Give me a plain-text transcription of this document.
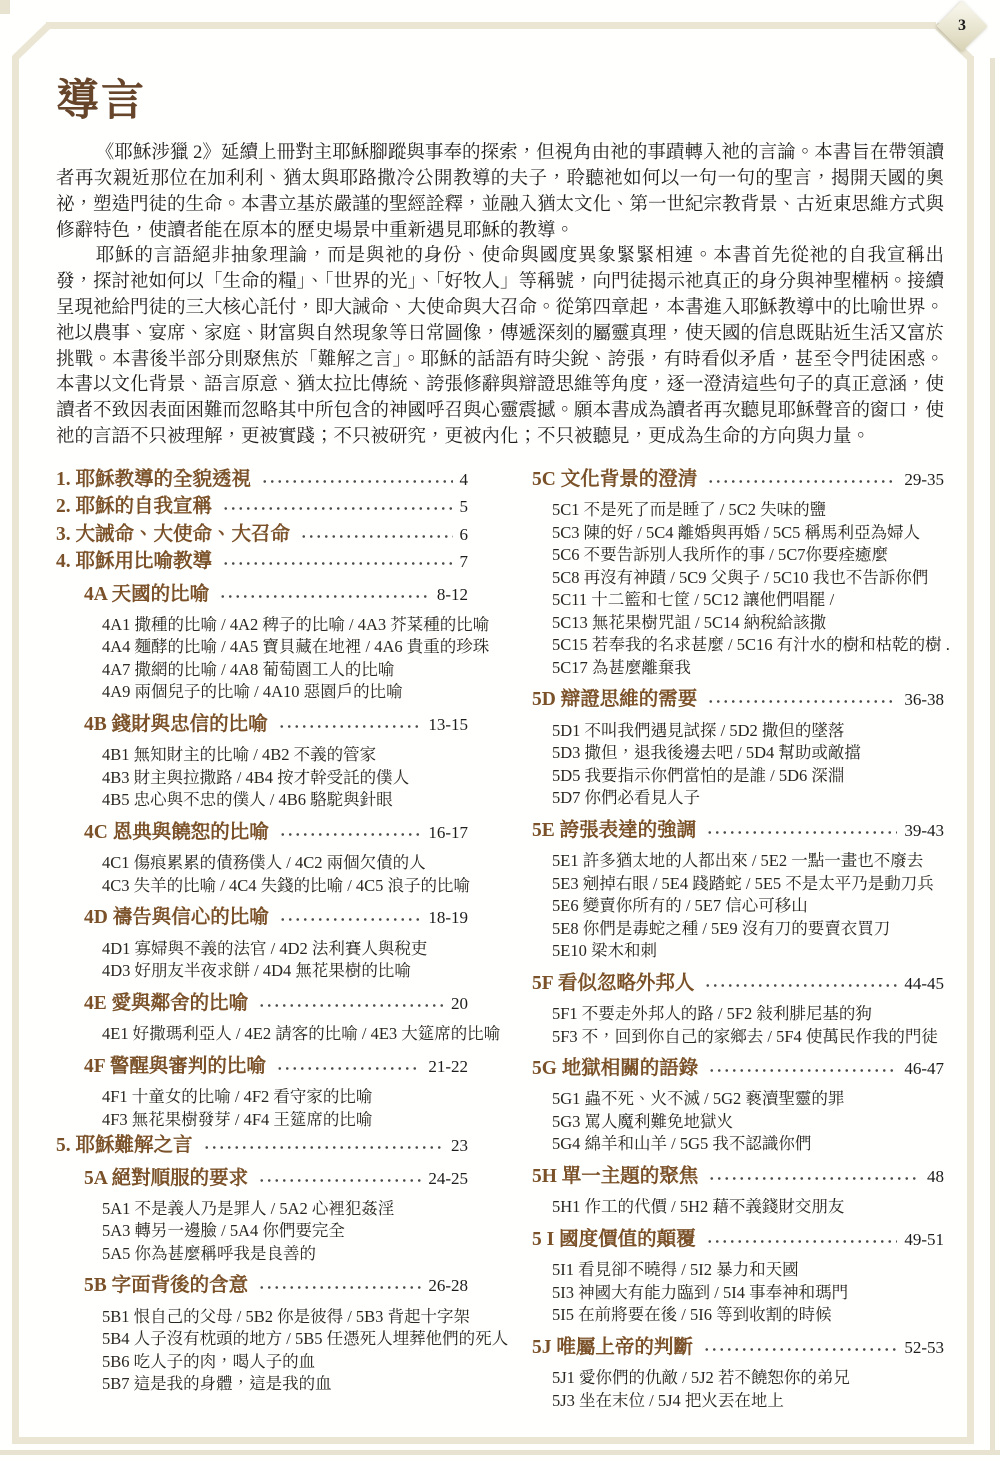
3
導言

《耶穌涉獵 2》延續上冊對主耶穌腳蹤與事奉的探索，但視角由祂的事蹟轉入祂的言論。本書旨在帶領讀者再次親近那位在加利利、猶太與耶路撒冷公開教導的夫子，聆聽祂如何以一句一句的聖言，揭開天國的奧祕，塑造門徒的生命。本書立基於嚴謹的聖經詮釋，並融入猶太文化、第一世紀宗教背景、古近東思維方式與修辭特色，使讀者能在原本的歷史場景中重新遇見耶穌的教導。

耶穌的言語絕非抽象理論，而是與祂的身份、使命與國度異象緊緊相連。本書首先從祂的自我宣稱出發，探討祂如何以「生命的糧」、「世界的光」、「好牧人」等稱號，向門徒揭示祂真正的身分與神聖權柄。接續呈現祂給門徒的三大核心託付，即大誡命、大使命與大召命。從第四章起，本書進入耶穌教導中的比喻世界。祂以農事、宴席、家庭、財富與自然現象等日常圖像，傳遞深刻的屬靈真理，使天國的信息既貼近生活又富於挑戰。本書後半部分則聚焦於「難解之言」。耶穌的話語有時尖銳、誇張，有時看似矛盾，甚至令門徒困惑。本書以文化背景、語言原意、猶太拉比傳統、誇張修辭與辯證思維等角度，逐一澄清這些句子的真正意涵，使讀者不致因表面困難而忽略其中所包含的神國呼召與心靈震撼。願本書成為讀者再次聽見耶穌聲音的窗口，使祂的言語不只被理解，更被實踐；不只被研究，更被內化；不只被聽見，更成為生命的方向與力量。

1. 耶穌教導的全貌透視	4
2. 耶穌的自我宣稱	5
3. 大誡命、大使命、大召命	6
4. 耶穌用比喻教導	7
4A 天國的比喻	8-12
4A1 撒種的比喻 / 4A2 稗子的比喻 / 4A3 芥菜種的比喻
4A4 麵酵的比喻 / 4A5 寶貝藏在地裡 / 4A6 貴重的珍珠
4A7 撒網的比喻 / 4A8 葡萄園工人的比喻
4A9 兩個兒子的比喻 / 4A10 惡園戶的比喻
4B 錢財與忠信的比喻	13-15
4B1 無知財主的比喻 / 4B2 不義的管家
4B3 財主與拉撒路 / 4B4 按才幹受託的僕人
4B5 忠心與不忠的僕人 / 4B6 駱駝與針眼
4C 恩典與饒恕的比喻	16-17
4C1 傷痕累累的債務僕人 / 4C2 兩個欠債的人
4C3 失羊的比喻 / 4C4 失錢的比喻 / 4C5 浪子的比喻
4D 禱告與信心的比喻	18-19
4D1 寡婦與不義的法官 / 4D2 法利賽人與稅吏
4D3 好朋友半夜求餅 / 4D4 無花果樹的比喻
4E 愛與鄰舍的比喻	20
4E1 好撒瑪利亞人 / 4E2 請客的比喻 / 4E3 大筵席的比喻
4F 警醒與審判的比喻	21-22
4F1 十童女的比喻 / 4F2 看守家的比喻
4F3 無花果樹發芽 / 4F4 王筵席的比喻
5. 耶穌難解之言	23
5A 絕對順服的要求	24-25
5A1 不是義人乃是罪人 / 5A2 心裡犯姦淫
5A3 轉另一邊臉 / 5A4 你們要完全
5A5 你為甚麼稱呼我是良善的
5B 字面背後的含意	26-28
5B1 恨自己的父母 / 5B2 你是彼得 / 5B3 背起十字架
5B4 人子沒有枕頭的地方 / 5B5 任憑死人埋葬他們的死人
5B6 吃人子的肉，喝人子的血
5B7 這是我的身體，這是我的血
5C 文化背景的澄清	29-35
5C1 不是死了而是睡了 / 5C2 失味的鹽
5C3 陳的好 / 5C4 離婚與再婚 / 5C5 稱馬利亞為婦人
5C6 不要告訴別人我所作的事 / 5C7你要痊癒麼
5C8 再沒有神蹟 / 5C9 父與子 / 5C10 我也不告訴你們
5C11 十二籃和七筐 / 5C12 讓他們唱罷 /
5C13 無花果樹咒詛 / 5C14 納稅給該撒
5C15 若奉我的名求甚麼 / 5C16 有汁水的樹和枯乾的樹 .
5C17 為甚麼離棄我
5D 辯證思維的需要	36-38
5D1 不叫我們遇見試探 / 5D2 撒但的墜落
5D3 撒但，退我後邊去吧 / 5D4 幫助或敵擋
5D5 我要指示你們當怕的是誰 / 5D6 深淵
5D7 你們必看見人子
5E 誇張表達的強調	39-43
5E1 許多猶太地的人都出來 / 5E2 一點一畫也不廢去
5E3 剜掉右眼 / 5E4 踐踏蛇 / 5E5 不是太平乃是動刀兵
5E6 變賣你所有的 / 5E7 信心可移山
5E8 你們是毒蛇之種 / 5E9 沒有刀的要賣衣買刀
5E10 梁木和刺
5F 看似忽略外邦人	44-45
5F1 不要走外邦人的路 / 5F2 敍利腓尼基的狗
5F3 不，回到你自己的家鄉去 / 5F4 使萬民作我的門徒
5G 地獄相關的語錄	46-47
5G1 蟲不死、火不滅 / 5G2 褻瀆聖靈的罪
5G3 罵人魔利難免地獄火
5G4 綿羊和山羊 / 5G5 我不認識你們
5H 單一主題的聚焦	48
5H1 作工的代價 / 5H2 藉不義錢財交朋友
5 I 國度價值的顛覆	49-51
5I1 看見卻不曉得 / 5I2 暴力和天國
5I3 神國大有能力臨到 / 5I4 事奉神和瑪門
5I5 在前將要在後 / 5I6 等到收割的時候
5J 唯屬上帝的判斷	52-53
5J1 愛你們的仇敵 / 5J2 若不饒恕你的弟兄
5J3 坐在末位 / 5J4 把火丟在地上
